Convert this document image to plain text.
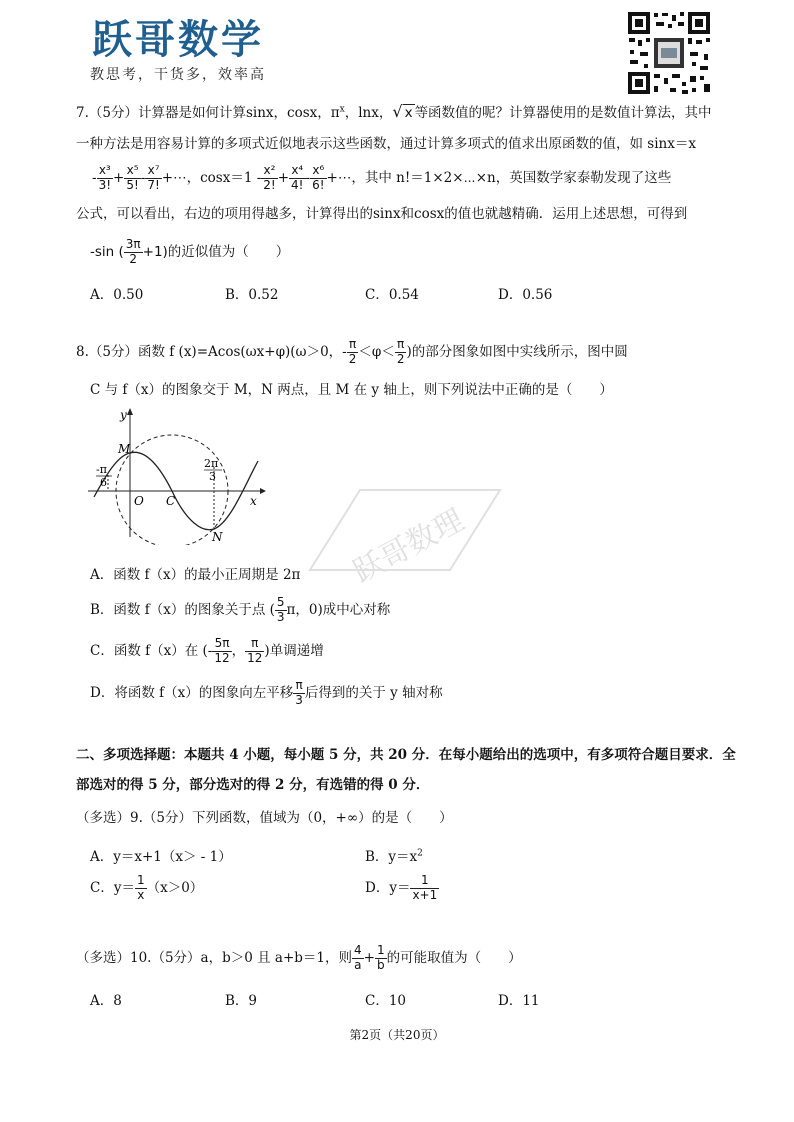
跃哥数学
教思考，干货多，效率高
7.（5分）计算器是如何计算sinx，cosx，$\pi^x$，lnx，√ x 等函数值的呢？计算器使用的是数值计算法，其中
一种方法是用容易计算的多项式近似地表示这些函数，通过计算多项式的值求出原函数的值，如 sinx＝x
- $\frac{\text{x³}}{3!} + \frac{\text{x⁵}}{5!} - \frac{\text{x⁷}}{7!}$ +⋯，$\cos x=1 - \frac{\text{x²}}{2!} + \frac{\text{x⁴}}{4!} - \frac{\text{x⁶}}{6!}$ +⋯，其中 n!＝1×2×⋯×n，英国数学家泰勒发现了这些
公式，可以看出，右边的项用得越多，计算得出的sinx和cosx的值也就越精确．运用上述思想，可得到
-sin ( $\frac{3\pi}{2} +1$)的近似值为（　　）
A．0.50	B．0.52	C．0.54	D．0.56
8.（5分）函数 f (x)=Acos(ωx+φ)(ω＞0，- $\frac{\pi}{2} <\varphi< \frac{\pi}{2}$ )的部分图象如图中实线所示，图中圆
C 与 f（x）的图象交于 M，N 两点，且 M 在 y 轴上，则下列说法中正确的是（　　）
y
x
M
N
O C
-π
6
2π
3
跃哥数理
A．函数 f（x）的最小正周期是 2π
B．函数 f（x）的图象关于点 ( $\frac{5}{3}$ π，0)成中心对称
C．函数 f（x）在 (- $\frac{5\pi}{12}$ ， $\frac{\pi}{12}$ )单调递增
D．将函数 f（x）的图象向左平移 $\frac{\pi}{3}$ 后得到的关于 y 轴对称
二、多项选择题：本题共 4 小题，每小题 5 分，共 20 分．在每小题给出的选项中，有多项符合题目要求．全
部选对的得 5 分，部分选对的得 2 分，有选错的得 0 分．
（多选）9.（5分）下列函数，值域为（0，+∞）的是（　　）
A．y＝x+1（x＞ - 1）	B．$y=x^2$
C．$y= \frac{1}{x} (x>0)$	D．$y= \frac{1}{x+1}$
（多选）10.（5分）a，b＞0 且 a+b＝1，则 $\frac{4}{a} + \frac{1}{b}$ 的可能取值为（　　）
A．8	B．9	C．10	D．11
第2页（共20页）
